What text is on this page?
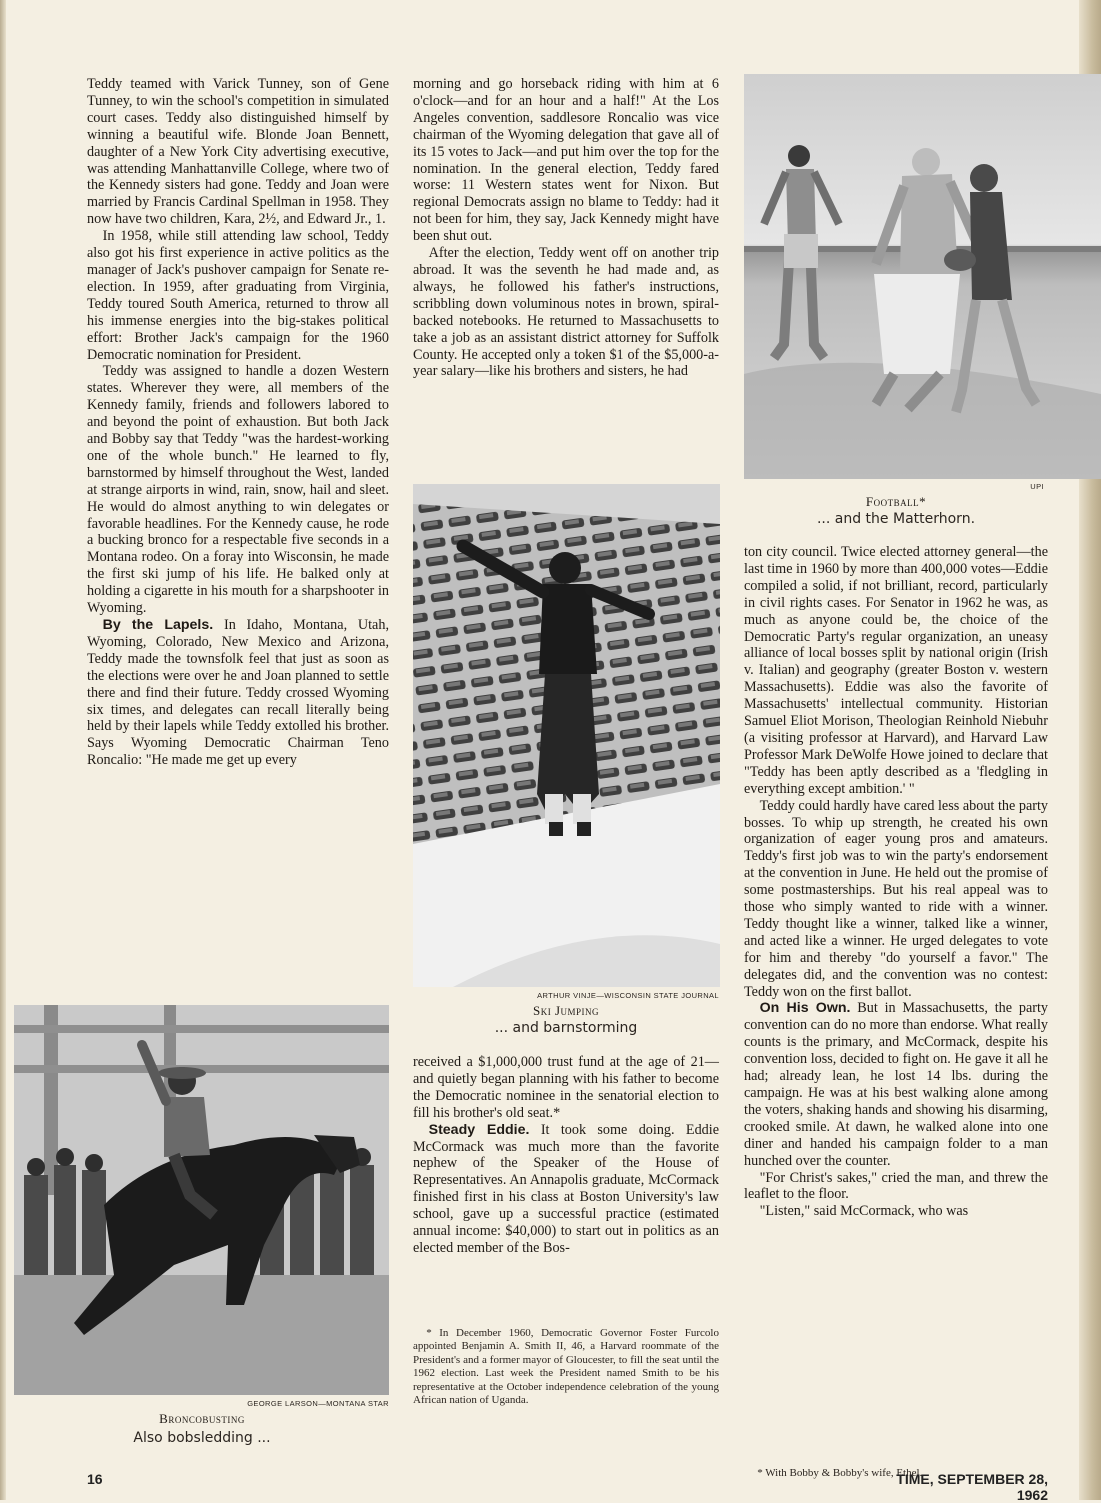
Teddy teamed with Varick Tunney, son of Gene Tunney, to win the school's competition in simulated court cases. Teddy also distinguished himself by winning a beautiful wife. Blonde Joan Bennett, daughter of a New York City advertising executive, was attending Manhattanville College, where two of the Kennedy sisters had gone. Teddy and Joan were married by Francis Cardinal Spellman in 1958. They now have two children, Kara, 2½, and Edward Jr., 1.

In 1958, while still attending law school, Teddy also got his first experience in active politics as the manager of Jack's pushover campaign for Senate re-election. In 1959, after graduating from Virginia, Teddy toured South America, returned to throw all his immense energies into the big-stakes political effort: Brother Jack's campaign for the 1960 Democratic nomination for President.

Teddy was assigned to handle a dozen Western states. Wherever they were, all members of the Kennedy family, friends and followers labored to and beyond the point of exhaustion. But both Jack and Bobby say that Teddy "was the hardest-working one of the whole bunch." He learned to fly, barnstormed by himself throughout the West, landed at strange airports in wind, rain, snow, hail and sleet. He would do almost anything to win delegates or favorable headlines. For the Kennedy cause, he rode a bucking bronco for a respectable five seconds in a Montana rodeo. On a foray into Wisconsin, he made the first ski jump of his life. He balked only at holding a cigarette in his mouth for a sharpshooter in Wyoming.

By the Lapels. In Idaho, Montana, Utah, Wyoming, Colorado, New Mexico and Arizona, Teddy made the townsfolk feel that just as soon as the elections were over he and Joan planned to settle there and find their future. Teddy crossed Wyoming six times, and delegates can recall literally being held by their lapels while Teddy extolled his brother. Says Wyoming Democratic Chairman Teno Roncalio: "He made me get up every

morning and go horseback riding with him at 6 o'clock—and for an hour and a half!" At the Los Angeles convention, saddlesore Roncalio was vice chairman of the Wyoming delegation that gave all of its 15 votes to Jack—and put him over the top for the nomination. In the general election, Teddy fared worse: 11 Western states went for Nixon. But regional Democrats assign no blame to Teddy: had it not been for him, they say, Jack Kennedy might have been shut out.

After the election, Teddy went off on another trip abroad. It was the seventh he had made and, as always, he followed his father's instructions, scribbling down voluminous notes in brown, spiral-backed notebooks. He returned to Massachusetts to take a job as an assistant district attorney for Suffolk County. He accepted only a token $1 of the $5,000-a-year salary—like his brothers and sisters, he had

received a $1,000,000 trust fund at the age of 21—and quietly began planning with his father to become the Democratic nominee in the senatorial election to fill his brother's old seat.*

Steady Eddie. It took some doing. Eddie McCormack was much more than the favorite nephew of the Speaker of the House of Representatives. An Annapolis graduate, McCormack finished first in his class at Boston University's law school, gave up a successful practice (estimated annual income: $40,000) to start out in politics as an elected member of the Bos-

* In December 1960, Democratic Governor Foster Furcolo appointed Benjamin A. Smith II, 46, a Harvard roommate of the President's and a former mayor of Gloucester, to fill the seat until the 1962 election. Last week the President named Smith to be his representative at the October independence celebration of the young African nation of Uganda.

ton city council. Twice elected attorney general—the last time in 1960 by more than 400,000 votes—Eddie compiled a solid, if not brilliant, record, particularly in civil rights cases. For Senator in 1962 he was, as much as anyone could be, the choice of the Democratic Party's regular organization, an uneasy alliance of local bosses split by national origin (Irish v. Italian) and geography (greater Boston v. western Massachusetts). Eddie was also the favorite of Massachusetts' intellectual community. Historian Samuel Eliot Morison, Theologian Reinhold Niebuhr (a visiting professor at Harvard), and Harvard Law Professor Mark DeWolfe Howe joined to declare that "Teddy has been aptly described as a 'fledgling in everything except ambition.' "

Teddy could hardly have cared less about the party bosses. To whip up strength, he created his own organization of eager young pros and amateurs. Teddy's first job was to win the party's endorsement at the convention in June. He held out the promise of some postmasterships. But his real appeal was to those who simply wanted to ride with a winner. Teddy thought like a winner, talked like a winner, and acted like a winner. He urged delegates to vote for him and thereby "do yourself a favor." The delegates did, and the convention was no contest: Teddy won on the first ballot.

On His Own. But in Massachusetts, the party convention can do no more than endorse. What really counts is the primary, and McCormack, despite his convention loss, decided to fight on. He gave it all he had; already lean, he lost 14 lbs. during the campaign. He was at his best walking alone among the voters, shaking hands and showing his disarming, crooked smile. At dawn, he walked alone into one diner and handed his campaign folder to a man hunched over the counter.

"For Christ's sakes," cried the man, and threw the leaflet to the floor.

"Listen," said McCormack, who was

* With Bobby & Bobby's wife, Ethel.

UPI
Football*
... and the Matterhorn.
ARTHUR VINJE—WISCONSIN STATE JOURNAL
Ski Jumping
... and barnstorming
GEORGE LARSON—MONTANA STAR
Broncobusting
Also bobsledding ...
16	TIME, SEPTEMBER 28, 1962
